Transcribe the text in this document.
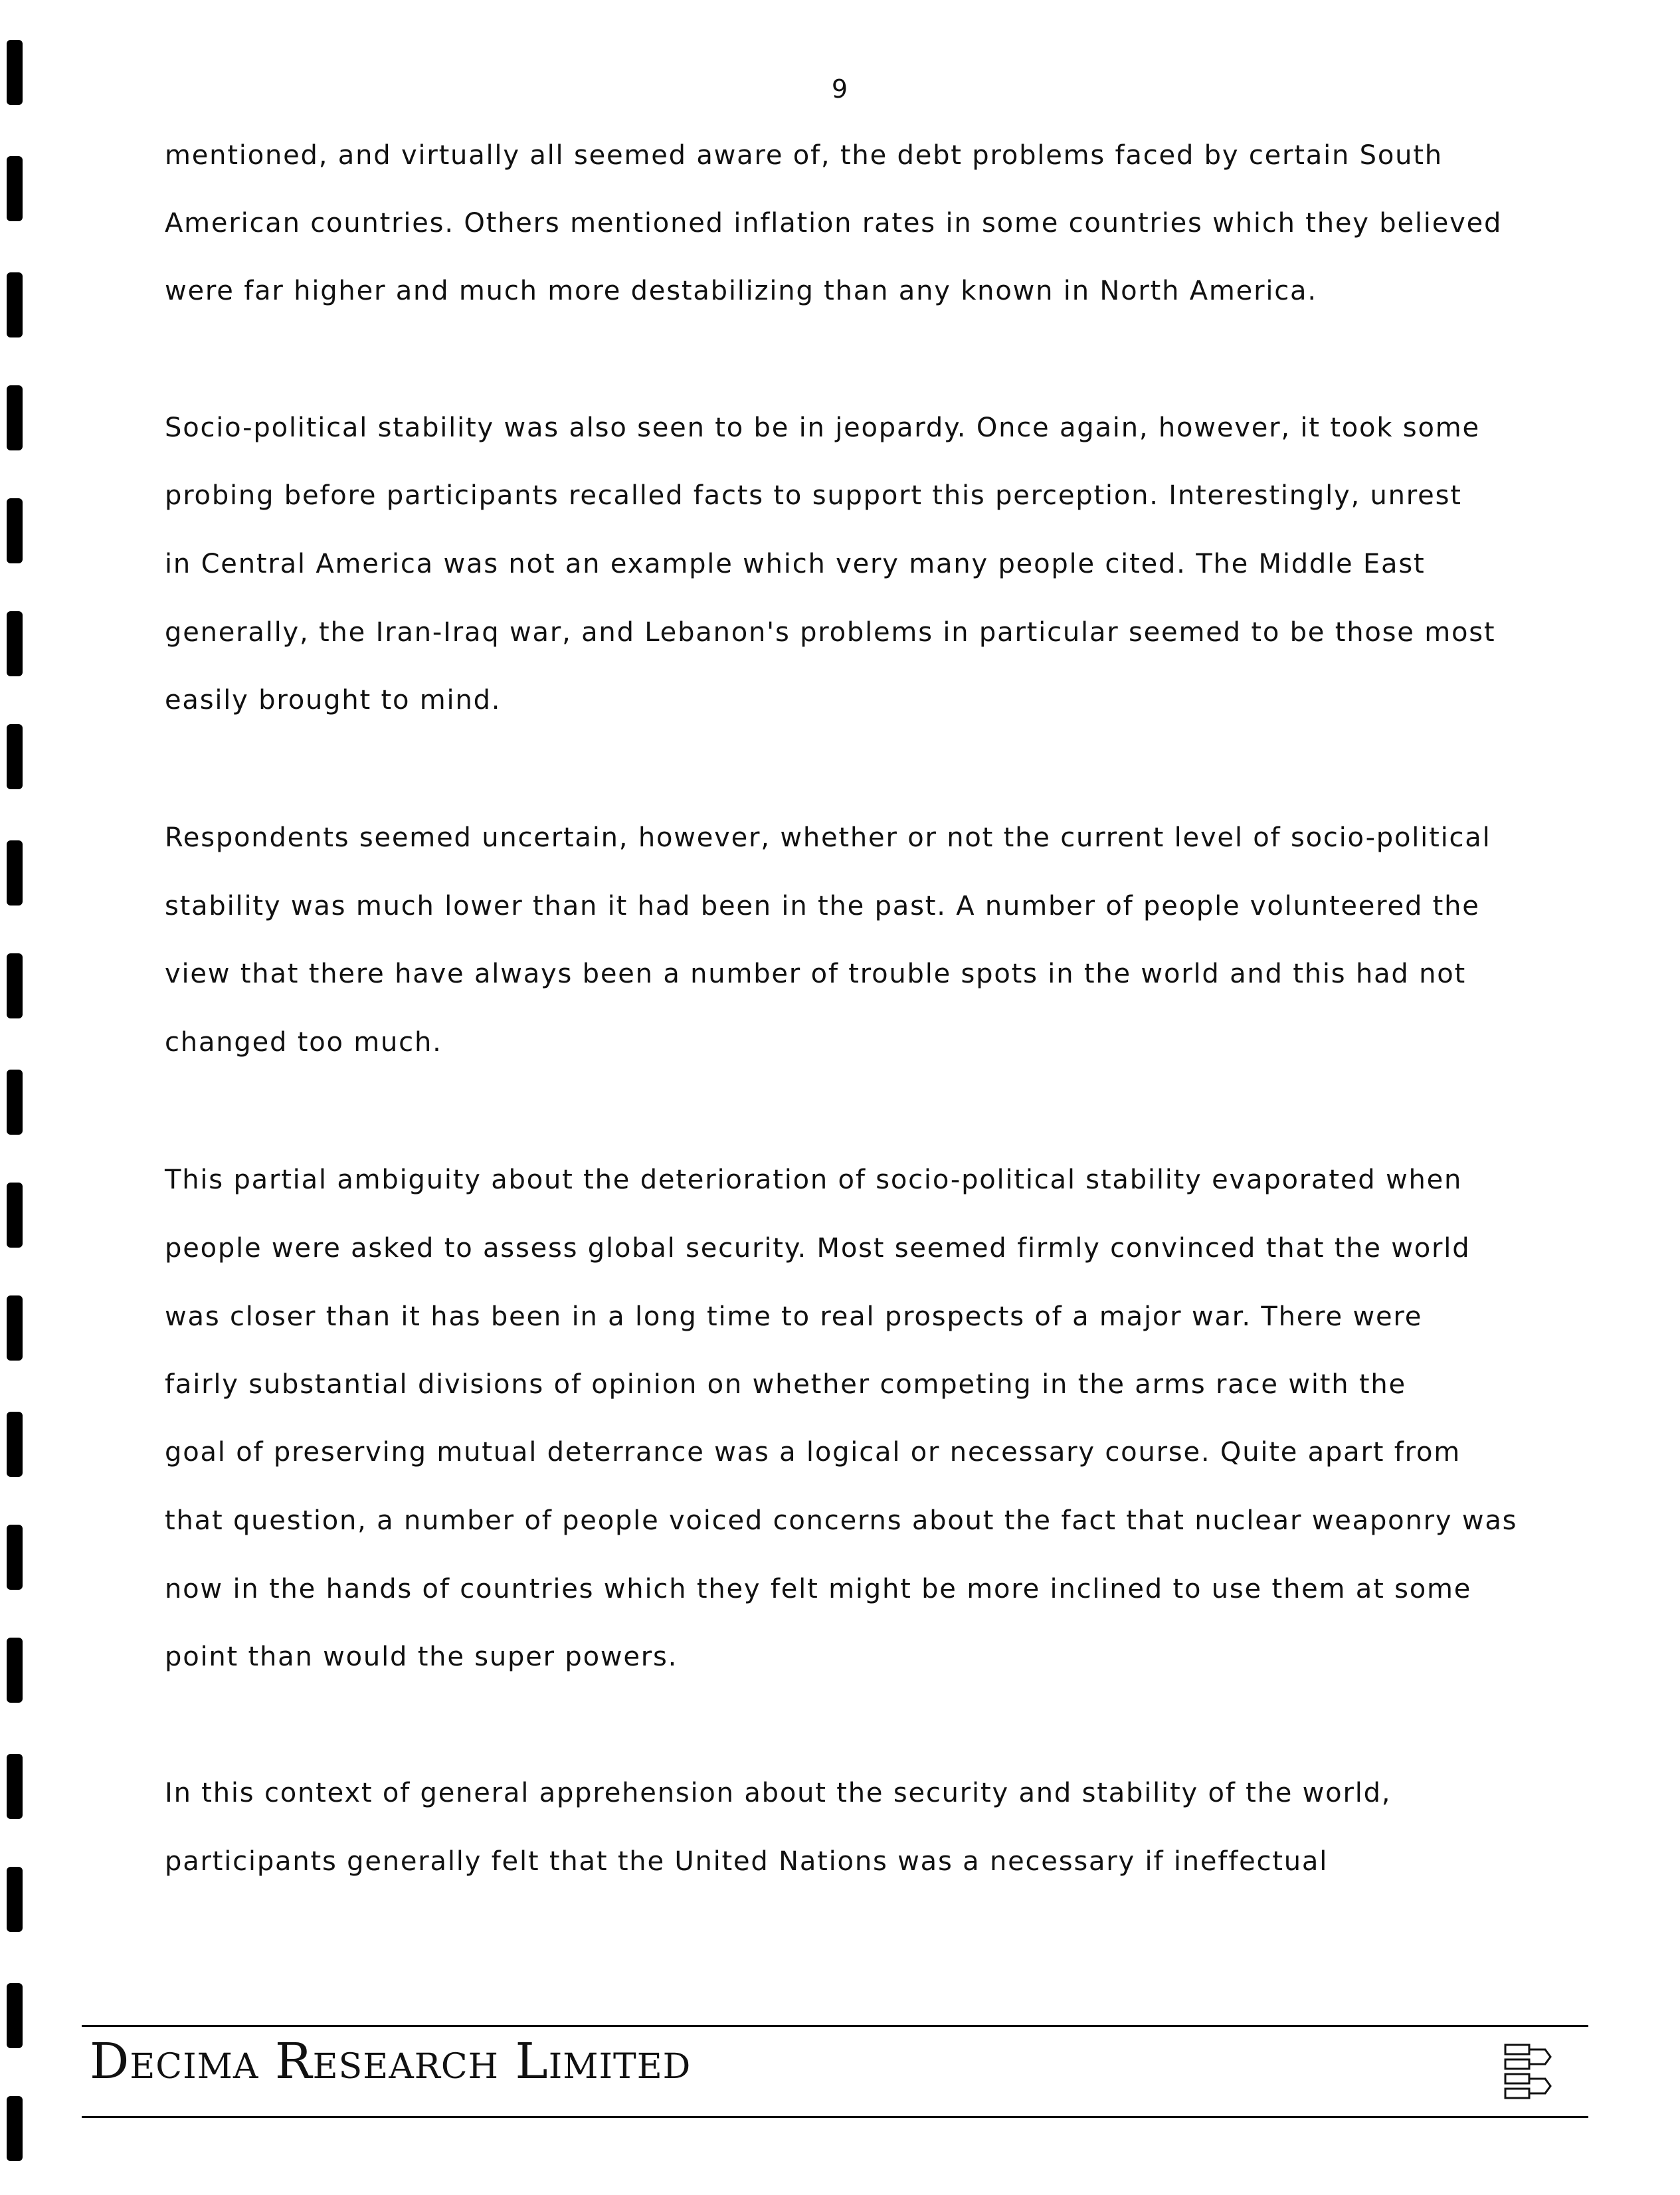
9

mentioned, and virtually all seemed aware of, the debt problems faced by certain South

American countries. Others mentioned inflation rates in some countries which they believed

were far higher and much more destabilizing than any known in North America.

Socio-political stability was also seen to be in jeopardy. Once again, however, it took some

probing before participants recalled facts to support this perception. Interestingly, unrest

in Central America was not an example which very many people cited. The Middle East

generally, the Iran-Iraq war, and Lebanon's problems in particular seemed to be those most

easily brought to mind.

Respondents seemed uncertain, however, whether or not the current level of socio-political

stability was much lower than it had been in the past. A number of people volunteered the

view that there have always been a number of trouble spots in the world and this had not

changed too much.

This partial ambiguity about the deterioration of socio-political stability evaporated when

people were asked to assess global security. Most seemed firmly convinced that the world

was closer than it has been in a long time to real prospects of a major war. There were

fairly substantial divisions of opinion on whether competing in the arms race with the

goal of preserving mutual deterrance was a logical or necessary course. Quite apart from

that question, a number of people voiced concerns about the fact that nuclear weaponry was

now in the hands of countries which they felt might be more inclined to use them at some

point than would the super powers.

In this context of general apprehension about the security and stability of the world,

participants generally felt that the United Nations was a necessary if ineffectual

Decima Research Limited
